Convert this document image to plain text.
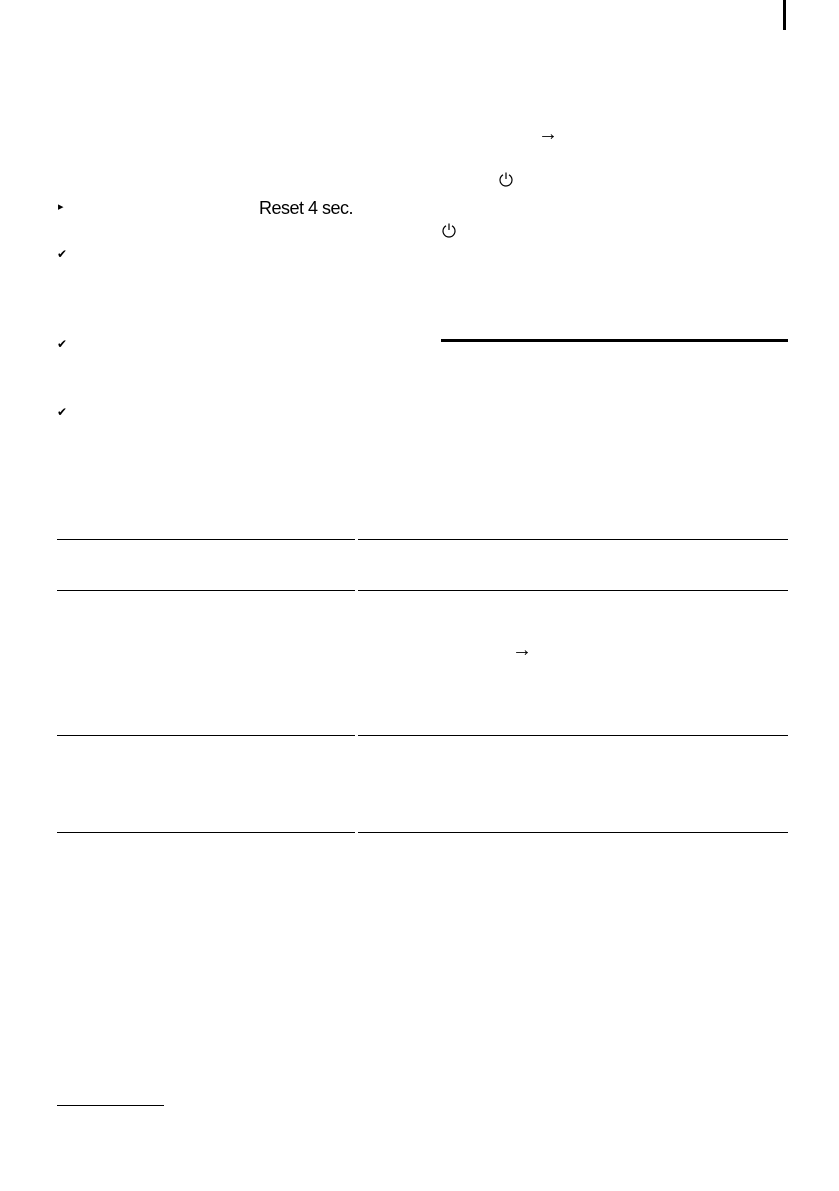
→
▸	Reset 4 sec.
✔
✔
✔
→
